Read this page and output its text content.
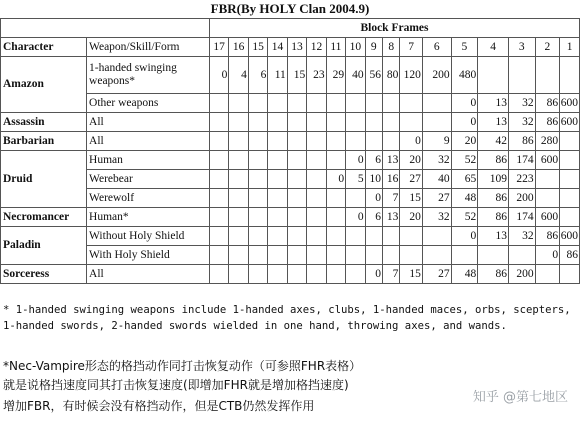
FBR(By HOLY Clan 2004.9)
		Block Frames																
Character	Weapon/Skill/Form	17	16	15	14	13	12	11	10	9	8	7	6	5	4	3	2	1
Amazon	1-handed swinging weapons*	0	4	6	11	15	23	29	40	56	80	120	200	480				
	Other weapons													0	13	32	86	600
Assassin	All													0	13	32	86	600
Barbarian	All											0	9	20	42	86	280	
Druid	Human								0	6	13	20	32	52	86	174	600	
	Werebear							0	5	10	16	27	40	65	109	223		
	Werewolf									0	7	15	27	48	86	200		
Necromancer	Human*								0	6	13	20	32	52	86	174	600	
Paladin	Without Holy Shield													0	13	32	86	600
	With Holy Shield																0	86
Sorceress	All									0	7	15	27	48	86	200		
* 1-handed swinging weapons include 1-handed axes, clubs, 1-handed maces, orbs, scepters, 1-handed swords, 2-handed swords wielded in one hand, throwing axes, and wands.
*Nec-Vampire形态的格挡动作同打击恢复动作（可参照FHR表格）
就是说格挡速度同其打击恢复速度(即增加FHR就是增加格挡速度)
增加FBR，有时候会没有格挡动作，但是CTB仍然发挥作用
知乎 @第七地区
